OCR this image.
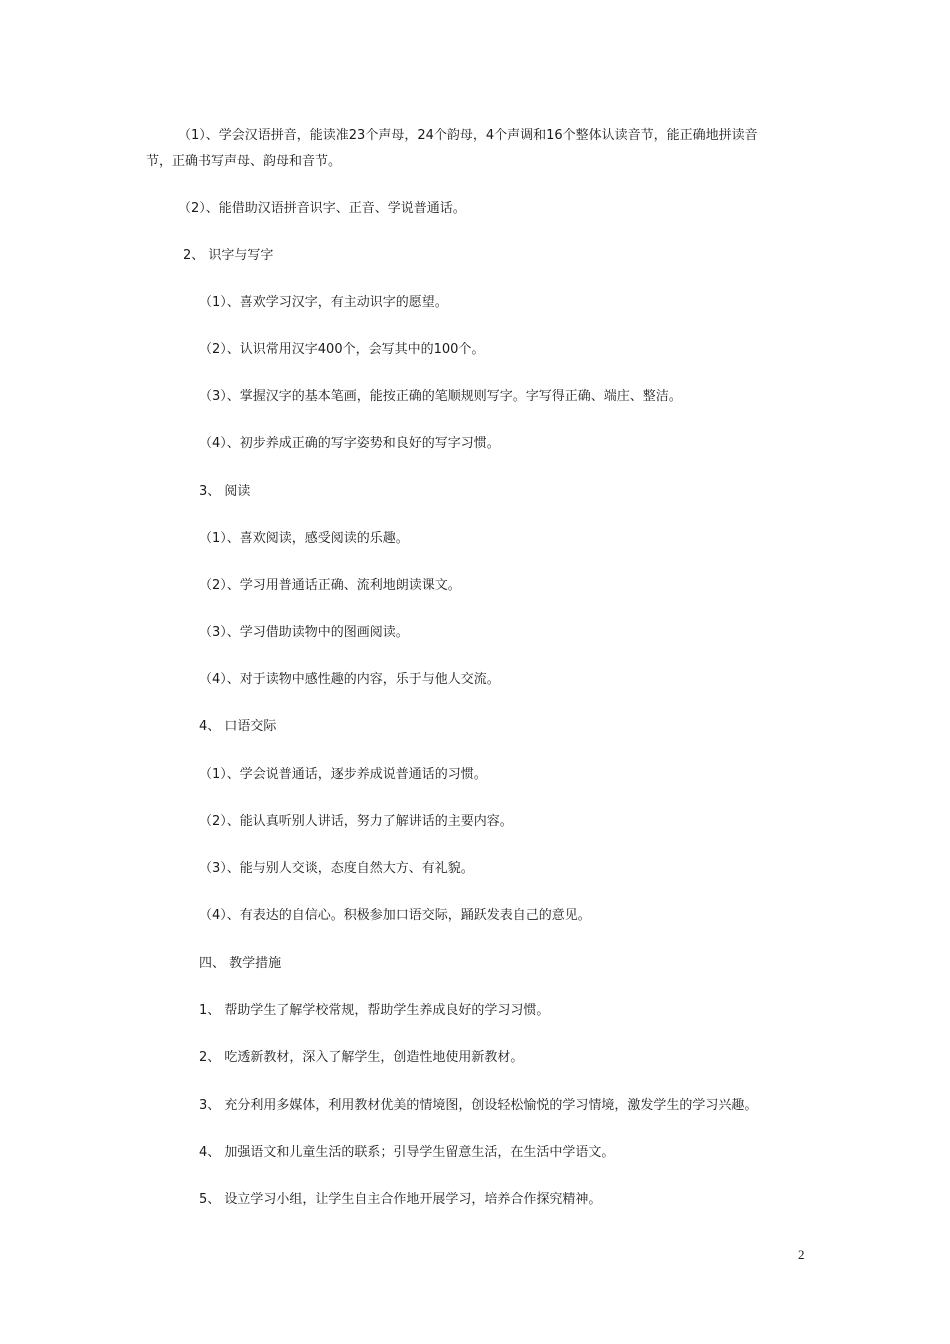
（1）、学会汉语拼音，能读准23个声母，24个韵母，4个声调和16个整体认读音节，能正确地拼读音
节，正确书写声母、韵母和音节。
（2）、能借助汉语拼音识字、正音、学说普通话。
2、 识字与写字
（1）、喜欢学习汉字，有主动识字的愿望。
（2）、认识常用汉字400个，会写其中的100个。
（3）、掌握汉字的基本笔画，能按正确的笔顺规则写字。字写得正确、端庄、整洁。
（4）、初步养成正确的写字姿势和良好的写字习惯。
3、 阅读
（1）、喜欢阅读，感受阅读的乐趣。
（2）、学习用普通话正确、流利地朗读课文。
（3）、学习借助读物中的图画阅读。
（4）、对于读物中感性趣的内容，乐于与他人交流。
4、 口语交际
（1）、学会说普通话，逐步养成说普通话的习惯。
（2）、能认真听别人讲话，努力了解讲话的主要内容。
（3）、能与别人交谈，态度自然大方、有礼貌。
（4）、有表达的自信心。积极参加口语交际，踊跃发表自己的意见。
四、 教学措施
1、 帮助学生了解学校常规，帮助学生养成良好的学习习惯。
2、 吃透新教材，深入了解学生，创造性地使用新教材。
3、 充分利用多媒体，利用教材优美的情境图，创设轻松愉悦的学习情境，激发学生的学习兴趣。
4、 加强语文和儿童生活的联系；引导学生留意生活，在生活中学语文。
5、 设立学习小组，让学生自主合作地开展学习，培养合作探究精神。
2
